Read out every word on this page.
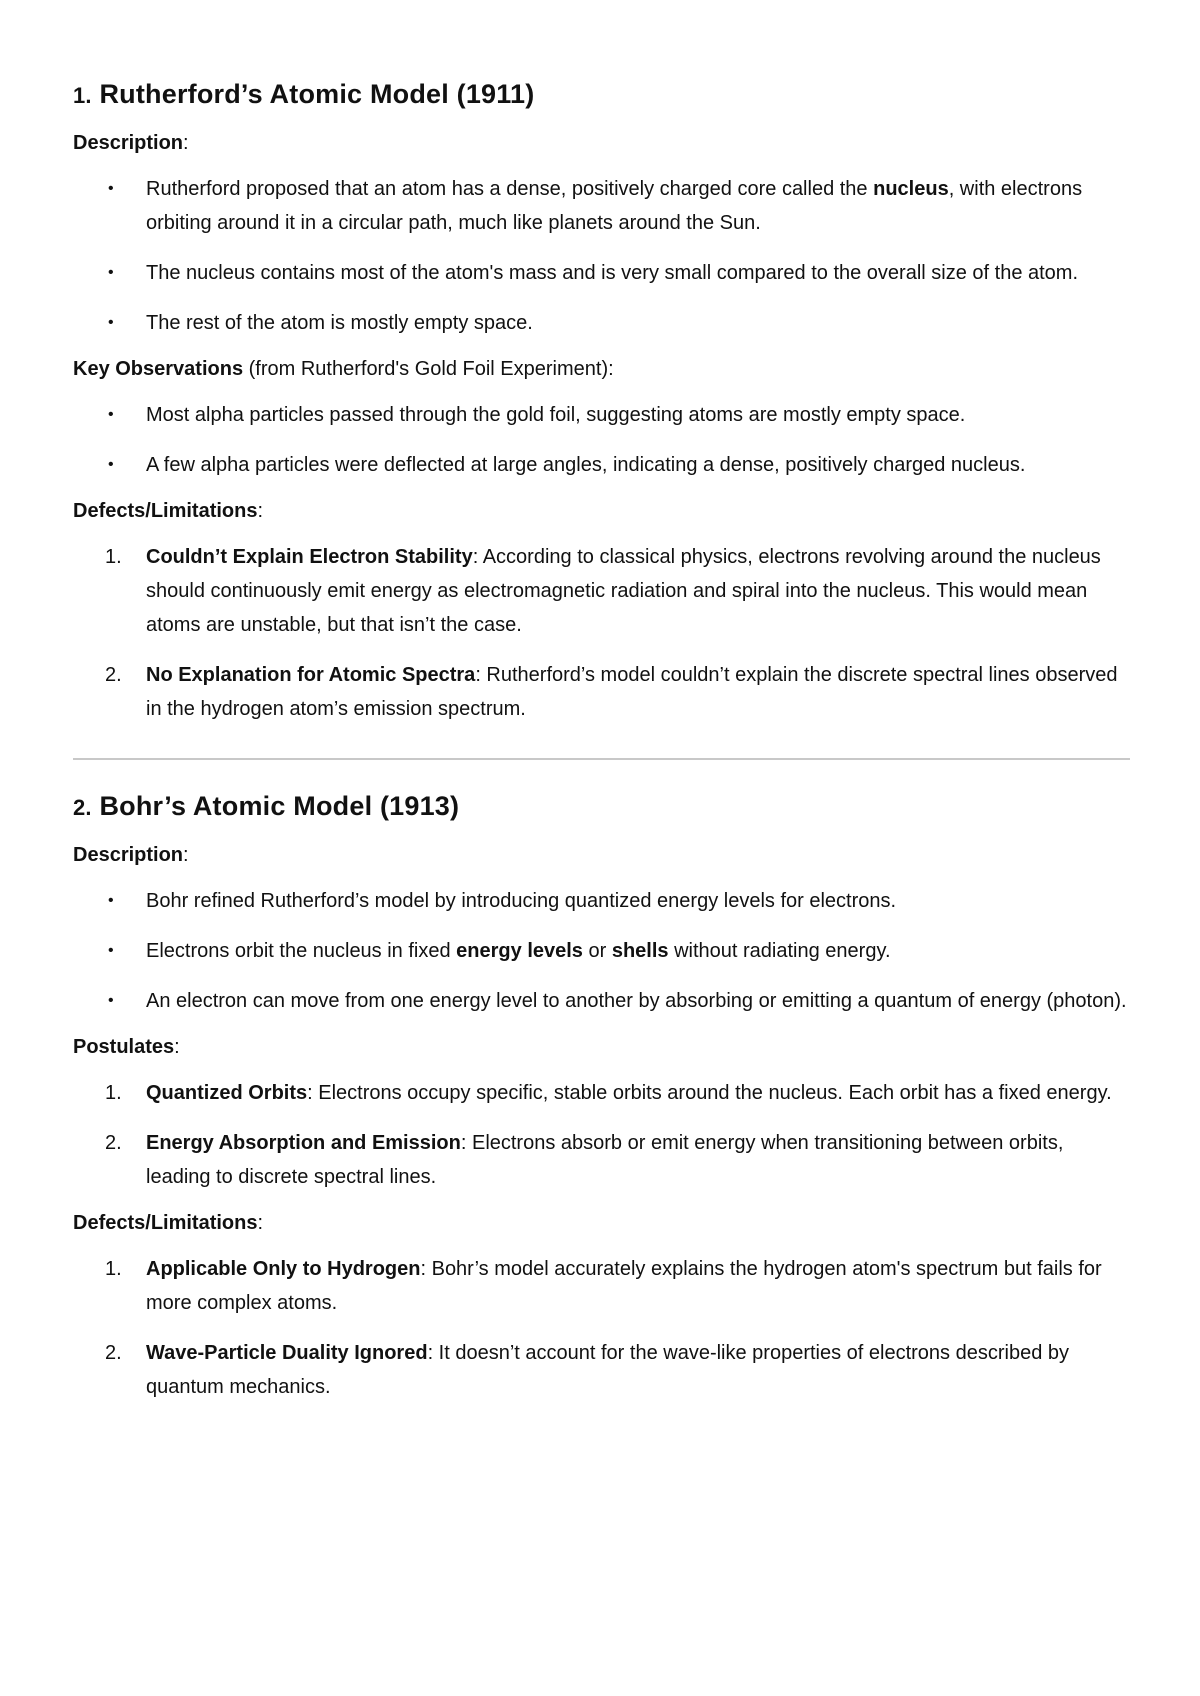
1. Rutherford’s Atomic Model (1911)

Description:

•	Rutherford proposed that an atom has a dense, positively charged core called the nucleus, with electrons orbiting around it in a circular path, much like planets around the Sun.
•	The nucleus contains most of the atom's mass and is very small compared to the overall size of the atom.
•	The rest of the atom is mostly empty space.

Key Observations (from Rutherford's Gold Foil Experiment):

•	Most alpha particles passed through the gold foil, suggesting atoms are mostly empty space.
•	A few alpha particles were deflected at large angles, indicating a dense, positively charged nucleus.

Defects/Limitations:

1.	Couldn’t Explain Electron Stability: According to classical physics, electrons revolving around the nucleus should continuously emit energy as electromagnetic radiation and spiral into the nucleus. This would mean atoms are unstable, but that isn’t the case.
2.	No Explanation for Atomic Spectra: Rutherford’s model couldn’t explain the discrete spectral lines observed in the hydrogen atom’s emission spectrum.
2. Bohr’s Atomic Model (1913)

Description:

•	Bohr refined Rutherford’s model by introducing quantized energy levels for electrons.
•	Electrons orbit the nucleus in fixed energy levels or shells without radiating energy.
•	An electron can move from one energy level to another by absorbing or emitting a quantum of energy (photon).

Postulates:

1.	Quantized Orbits: Electrons occupy specific, stable orbits around the nucleus. Each orbit has a fixed energy.
2.	Energy Absorption and Emission: Electrons absorb or emit energy when transitioning between orbits, leading to discrete spectral lines.

Defects/Limitations:

1.	Applicable Only to Hydrogen: Bohr’s model accurately explains the hydrogen atom's spectrum but fails for more complex atoms.
2.	Wave-Particle Duality Ignored: It doesn’t account for the wave-like properties of electrons described by quantum mechanics.
